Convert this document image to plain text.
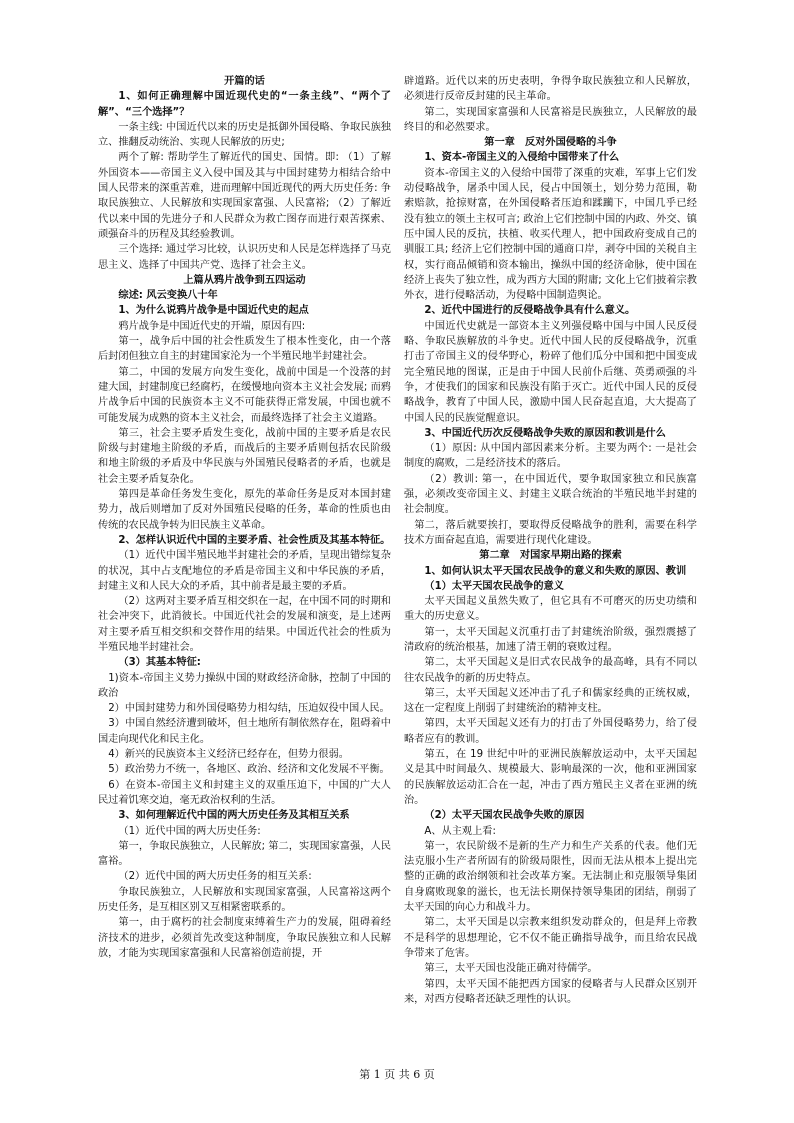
开篇的话

1、如何正确理解中国近现代史的“一条主线”、“两个了解”、“三个选择”？

一条主线: 中国近代以来的历史是抵御外国侵略、争取民族独立、推翻反动统治、实现人民解放的历史;

两个了解: 帮助学生了解近代的国史、国情。即: （1）了解外国资本——帝国主义入侵中国及其与中国封建势力相结合给中国人民带来的深重苦难，进而理解中国近现代的两大历史任务: 争取民族独立、人民解放和实现国家富强、人民富裕; （2）了解近代以来中国的先进分子和人民群众为救亡图存而进行艰苦探索、顽强奋斗的历程及其经验教训。

三个选择: 通过学习比较，认识历史和人民是怎样选择了马克思主义、选择了中国共产党、选择了社会主义。

上篇从鸦片战争到五四运动

综述: 风云变换八十年

1、为什么说鸦片战争是中国近代史的起点

鸦片战争是中国近代史的开端，原因有四:

第一，战争后中国的社会性质发生了根本性变化，由一个落后封闭但独立自主的封建国家沦为一个半殖民地半封建社会。

第二，中国的发展方向发生变化，战前中国是一个没落的封建大国，封建制度已经腐朽，在缓慢地向资本主义社会发展; 而鸦片战争后中国的民族资本主义不可能获得正常发展，中国也就不可能发展为成熟的资本主义社会，而最终选择了社会主义道路。

第三，社会主要矛盾发生变化，战前中国的主要矛盾是农民阶级与封建地主阶级的矛盾，而战后的主要矛盾则包括农民阶级和地主阶级的矛盾及中华民族与外国殖民侵略者的矛盾，也就是社会主要矛盾复杂化。

第四是革命任务发生变化，原先的革命任务是反对本国封建势力，战后则增加了反对外国殖民侵略的任务，革命的性质也由传统的农民战争转为旧民族主义革命。

2、怎样认识近代中国的主要矛盾、社会性质及其基本特征。

（1）近代中国半殖民地半封建社会的矛盾，呈现出错综复杂的状况，其中占支配地位的矛盾是帝国主义和中华民族的矛盾，封建主义和人民大众的矛盾，其中前者是最主要的矛盾。

（2）这两对主要矛盾互相交织在一起，在中国不同的时期和社会冲突下，此消彼长。中国近代社会的发展和演变，是上述两对主要矛盾互相交织和交替作用的结果。中国近代社会的性质为半殖民地半封建社会。

（3）其基本特征:

1)资本-帝国主义势力操纵中国的财政经济命脉，控制了中国的政治

2）中国封建势力和外国侵略势力相勾结，压迫奴役中国人民。

3）中国自然经济遭到破坏，但土地所有制依然存在，阻碍着中国走向现代化和民主化。

4）新兴的民族资本主义经济已经存在，但势力很弱。

5）政治势力不统一，各地区、政治、经济和文化发展不平衡。

6）在资本-帝国主义和封建主义的双重压迫下，中国的广大人民过着饥寒交迫，毫无政治权利的生活。

3、如何理解近代中国的两大历史任务及其相互关系

（1）近代中国的两大历史任务:

第一，争取民族独立，人民解放; 第二，实现国家富强，人民富裕。

（2）近代中国的两大历史任务的相互关系:

争取民族独立，人民解放和实现国家富强，人民富裕这两个历史任务，是互相区别又互相紧密联系的。

第一，由于腐朽的社会制度束缚着生产力的发展，阻碍着经济技术的进步，必须首先改变这种制度，争取民族独立和人民解放，才能为实现国家富强和人民富裕创造前提，开

辟道路。近代以来的历史表明，争得争取民族独立和人民解放，必须进行反帝反封建的民主革命。

第二，实现国家富强和人民富裕是民族独立，人民解放的最终目的和必然要求。

第一章　反对外国侵略的斗争

1、资本-帝国主义的入侵给中国带来了什么

资本-帝国主义的入侵给中国带了深重的灾难，军事上它们发动侵略战争，屠杀中国人民，侵占中国领土，划分势力范围，勒索赔款，抢掠财富，在外国侵略者压迫和蹂躏下，中国几乎已经没有独立的领土主权可言; 政治上它们控制中国的内政、外交、镇压中国人民的反抗，扶植、收买代理人，把中国政府变成自己的驯服工具; 经济上它们控制中国的通商口岸，剥夺中国的关税自主权，实行商品倾销和资本输出，操纵中国的经济命脉，使中国在经济上丧失了独立性，成为西方大国的附庸; 文化上它们披着宗教外衣，进行侵略活动，为侵略中国制造舆论。

2、近代中国进行的反侵略战争具有什么意义。

中国近代史就是一部资本主义列强侵略中国与中国人民反侵略、争取民族解放的斗争史。近代中国人民的反侵略战争，沉重打击了帝国主义的侵华野心，粉碎了他们瓜分中国和把中国变成完全殖民地的图谋，正是由于中国人民前仆后继、英勇顽强的斗争，才使我们的国家和民族没有陷于灭亡。近代中国人民的反侵略战争，教育了中国人民，激励中国人民奋起直追，大大提高了中国人民的民族觉醒意识。

3、中国近代历次反侵略战争失败的原因和教训是什么

（1）原因: 从中国内部因素来分析。主要为两个: 一是社会制度的腐败，二是经济技术的落后。

（2）教训: 第一，在中国近代，要争取国家独立和民族富强，必须改变帝国主义、封建主义联合统治的半殖民地半封建的社会制度。

第二，落后就要挨打，要取得反侵略战争的胜利，需要在科学技术方面奋起直追，需要进行现代化建设。

第二章　对国家早期出路的探索

1、如何认识太平天国农民战争的意义和失败的原因、教训

（1）太平天国农民战争的意义

太平天国起义虽然失败了，但它具有不可磨灭的历史功绩和重大的历史意义。

第一，太平天国起义沉重打击了封建统治阶级，强烈震撼了清政府的统治根基，加速了清王朝的衰败过程。

第二，太平天国起义是旧式农民战争的最高峰，具有不同以往农民战争的新的历史特点。

第三，太平天国起义还冲击了孔子和儒家经典的正统权威，这在一定程度上削弱了封建统治的精神支柱。

第四，太平天国起义还有力的打击了外国侵略势力，给了侵略者应有的教训。

第五，在 19 世纪中叶的亚洲民族解放运动中，太平天国起义是其中时间最久、规模最大、影响最深的一次，他和亚洲国家的民族解放运动汇合在一起，冲击了西方殖民主义者在亚洲的统治。

（2）太平天国农民战争失败的原因

A、从主观上看:

第一，农民阶级不是新的生产力和生产关系的代表。他们无法克服小生产者所固有的阶级局限性，因而无法从根本上提出完整的正确的政治纲领和社会改革方案。无法制止和克服领导集团自身腐败现象的滋长，也无法长期保持领导集团的团结，削弱了太平天国的向心力和战斗力。

第二，太平天国是以宗教来组织发动群众的，但是拜上帝教不是科学的思想理论，它不仅不能正确指导战争，而且给农民战争带来了危害。

第三，太平天国也没能正确对待儒学。

第四，太平天国不能把西方国家的侵略者与人民群众区别开来，对西方侵略者还缺乏理性的认识。

第 1 页 共 6 页
